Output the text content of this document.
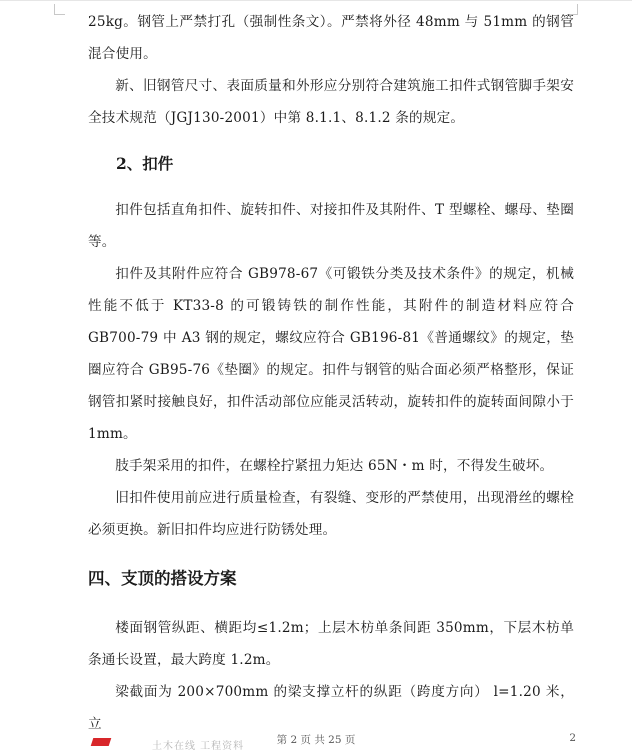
25kg。钢管上严禁打孔（强制性条文）。严禁将外径 48mm 与 51mm 的钢管混合使用。

新、旧钢管尺寸、表面质量和外形应分别符合建筑施工扣件式钢管脚手架安全技术规范（JGJ130-2001）中第 8.1.1、8.1.2 条的规定。

2、扣件

扣件包括直角扣件、旋转扣件、对接扣件及其附件、T 型螺栓、螺母、垫圈等。

扣件及其附件应符合 GB978-67《可锻铁分类及技术条件》的规定，机械性能不低于 KT33-8 的可锻铸铁的制作性能，其附件的制造材料应符合 GB700-79 中 A3 钢的规定，螺纹应符合 GB196-81《普通螺纹》的规定，垫圈应符合 GB95-76《垫圈》的规定。扣件与钢管的贴合面必须严格整形，保证钢管扣紧时接触良好，扣件活动部位应能灵活转动，旋转扣件的旋转面间隙小于 1mm。

肢手架采用的扣件，在螺栓拧紧扭力矩达 65N・m 时，不得发生破坏。

旧扣件使用前应进行质量检查，有裂缝、变形的严禁使用，出现滑丝的螺栓必须更换。新旧扣件均应进行防锈处理。

四、支顶的搭设方案

楼面钢管纵距、横距均≤1.2m；上层木枋单条间距 350mm，下层木枋单条通长设置，最大跨度 1.2m。

梁截面为 200×700mm 的梁支撑立杆的纵距（跨度方向） l=1.20 米，立

土木在线 工程资料
第 2 页 共 25 页	2
